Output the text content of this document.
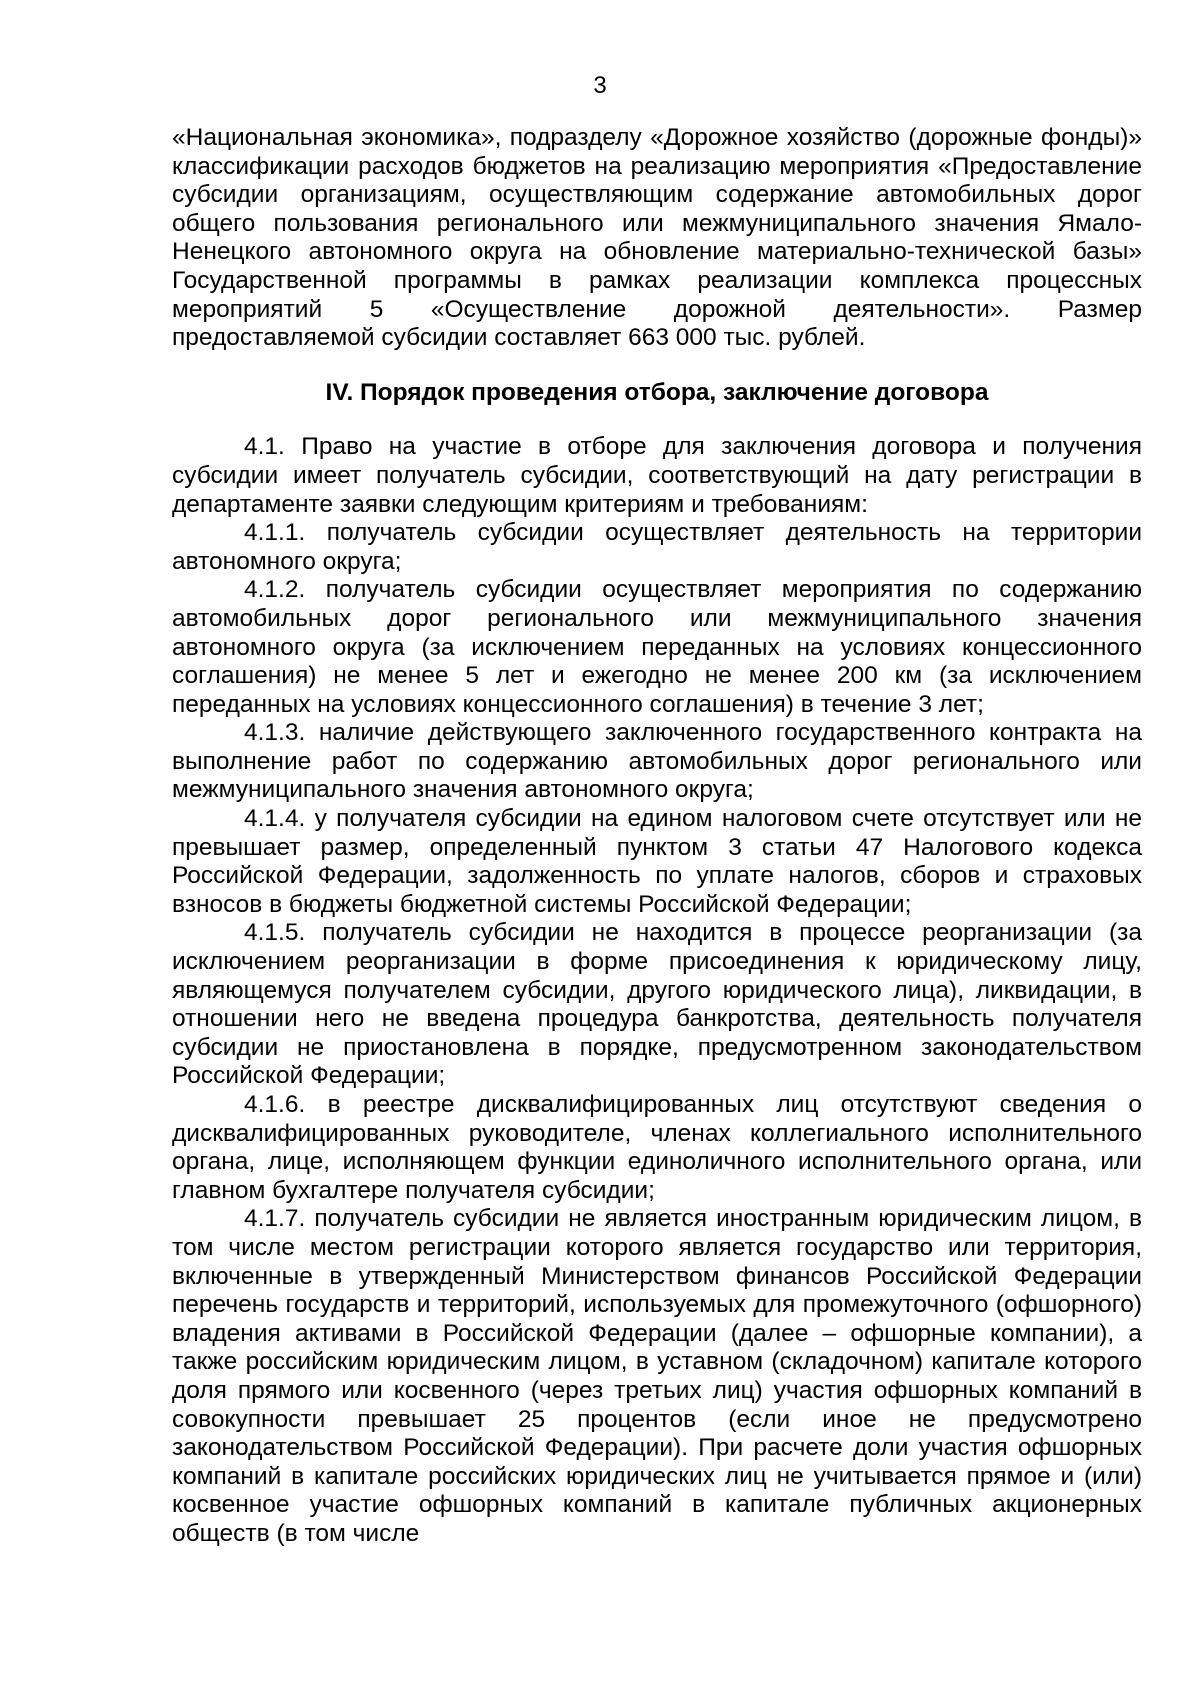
3

«Национальная экономика», подразделу «Дорожное хозяйство (дорожные фонды)» классификации расходов бюджетов на реализацию мероприятия «Предоставление субсидии организациям, осуществляющим содержание автомобильных дорог общего пользования регионального или межмуниципального значения Ямало-Ненецкого автономного округа на обновление материально-технической базы» Государственной программы в рамках реализации комплекса процессных мероприятий 5 «Осуществление дорожной деятельности». Размер предоставляемой субсидии составляет 663 000 тыс. рублей.

IV. Порядок проведения отбора, заключение договора

4.1. Право на участие в отборе для заключения договора и получения субсидии имеет получатель субсидии, соответствующий на дату регистрации в департаменте заявки следующим критериям и требованиям:

4.1.1. получатель субсидии осуществляет деятельность на территории автономного округа;

4.1.2. получатель субсидии осуществляет мероприятия по содержанию автомобильных дорог регионального или межмуниципального значения автономного округа (за исключением переданных на условиях концессионного соглашения) не менее 5 лет и ежегодно не менее 200 км (за исключением переданных на условиях концессионного соглашения) в течение 3 лет;

4.1.3. наличие действующего заключенного государственного контракта на выполнение работ по содержанию автомобильных дорог регионального или межмуниципального значения автономного округа;

4.1.4. у получателя субсидии на едином налоговом счете отсутствует или не превышает размер, определенный пунктом 3 статьи 47 Налогового кодекса Российской Федерации, задолженность по уплате налогов, сборов и страховых взносов в бюджеты бюджетной системы Российской Федерации;

4.1.5. получатель субсидии не находится в процессе реорганизации (за исключением реорганизации в форме присоединения к юридическому лицу, являющемуся получателем субсидии, другого юридического лица), ликвидации, в отношении него не введена процедура банкротства, деятельность получателя субсидии не приостановлена в порядке, предусмотренном законодательством Российской Федерации;

4.1.6. в реестре дисквалифицированных лиц отсутствуют сведения о дисквалифицированных руководителе, членах коллегиального исполнительного органа, лице, исполняющем функции единоличного исполнительного органа, или главном бухгалтере получателя субсидии;

4.1.7. получатель субсидии не является иностранным юридическим лицом, в том числе местом регистрации которого является государство или территория, включенные в утвержденный Министерством финансов Российской Федерации перечень государств и территорий, используемых для промежуточного (офшорного) владения активами в Российской Федерации (далее – офшорные компании), а также российским юридическим лицом, в уставном (складочном) капитале которого доля прямого или косвенного (через третьих лиц) участия офшорных компаний в совокупности превышает 25 процентов (если иное не предусмотрено законодательством Российской Федерации). При расчете доли участия офшорных компаний в капитале российских юридических лиц не учитывается прямое и (или) косвенное участие офшорных компаний в капитале публичных акционерных обществ (в том числе
